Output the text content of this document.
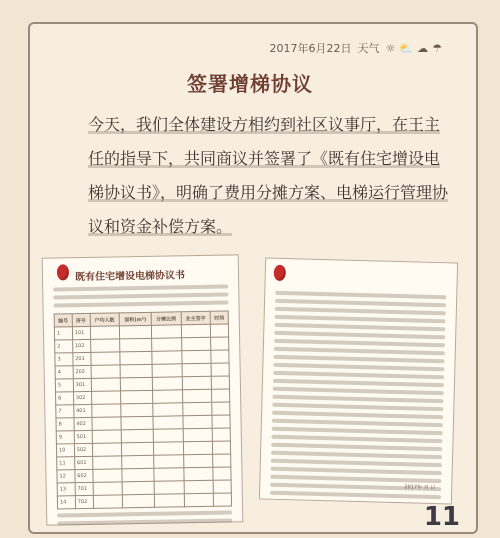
2017年6月22日 天气 ☼ ⛅ ☁ ☂
签署增梯协议
今天，我们全体建设方相约到社区议事厅，在王主任的指导下，共同商议并签署了《既有住宅增设电梯协议书》，明确了费用分摊方案、电梯运行管理协议和资金补偿方案。
既有住宅增设电梯协议书
编号	房号	户均人数	面积(m²)	分摊比例	业主签字	时间
1	101					
2	102					
3	201					
4	202					
5	301					
6	302					
7	401					
8	402					
9	501					
10	502					
11	601					
12	602					
13	701					
14	702					
2017年 月 日
11
